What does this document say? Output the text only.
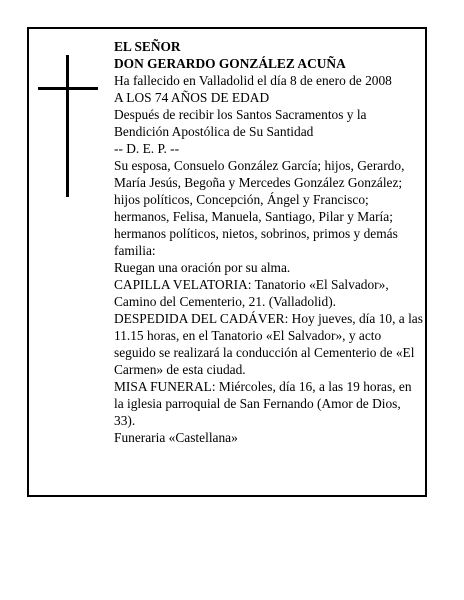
EL SEÑOR

DON GERARDO GONZÁLEZ ACUÑA

Ha fallecido en Valladolid el día 8 de enero de 2008

A LOS 74 AÑOS DE EDAD

Después de recibir los Santos Sacramentos y la Bendición Apostólica de Su Santidad

-- D. E. P. --

Su esposa, Consuelo González García; hijos, Gerardo, María Jesús, Begoña y Mercedes González González; hijos políticos, Concepción, Ángel y Francisco; hermanos, Felisa, Manuela, Santiago, Pilar y María; hermanos políticos, nietos, sobrinos, primos y demás familia:

Ruegan una oración por su alma.

CAPILLA VELATORIA: Tanatorio «El Salvador», Camino del Cementerio, 21. (Valladolid).

DESPEDIDA DEL CADÁVER: Hoy jueves, día 10, a las 11.15 horas, en el Tanatorio «El Salvador», y acto seguido se realizará la conducción al Cementerio de «El Carmen» de esta ciudad.

MISA FUNERAL: Miércoles, día 16, a las 19 horas, en la iglesia parroquial de San Fernando (Amor de Dios, 33).

Funeraria «Castellana»
